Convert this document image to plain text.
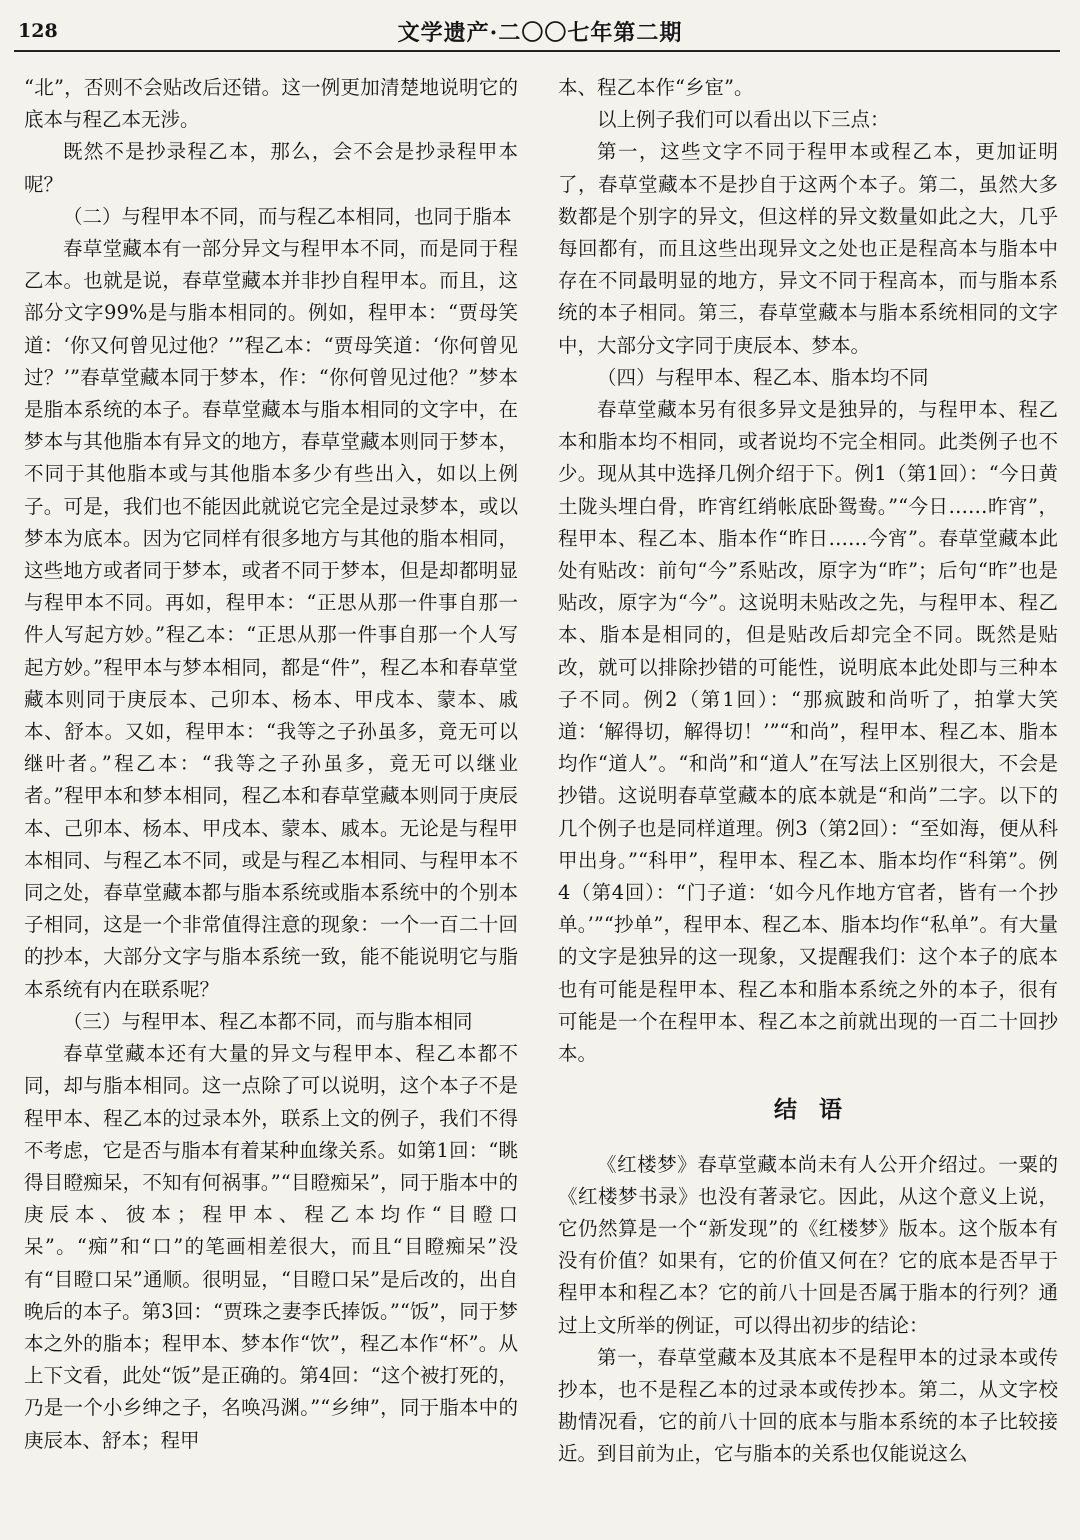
128	文学遗产·二〇〇七年第二期

“北”，否则不会贴改后还错。这一例更加清楚地说明它的底本与程乙本无涉。

既然不是抄录程乙本，那么，会不会是抄录程甲本呢？

（二）与程甲本不同，而与程乙本相同，也同于脂本

春草堂藏本有一部分异文与程甲本不同，而是同于程乙本。也就是说，春草堂藏本并非抄自程甲本。而且，这部分文字99%是与脂本相同的。例如，程甲本：“贾母笑道：‘你又何曾见过他？’”程乙本：“贾母笑道：‘你何曾见过？’”春草堂藏本同于梦本，作：“你何曾见过他？”梦本是脂本系统的本子。春草堂藏本与脂本相同的文字中，在梦本与其他脂本有异文的地方，春草堂藏本则同于梦本，不同于其他脂本或与其他脂本多少有些出入，如以上例子。可是，我们也不能因此就说它完全是过录梦本，或以梦本为底本。因为它同样有很多地方与其他的脂本相同，这些地方或者同于梦本，或者不同于梦本，但是却都明显与程甲本不同。再如，程甲本：“正思从那一件事自那一件人写起方妙。”程乙本：“正思从那一件事自那一个人写起方妙。”程甲本与梦本相同，都是“件”，程乙本和春草堂藏本则同于庚辰本、己卯本、杨本、甲戌本、蒙本、戚本、舒本。又如，程甲本：“我等之子孙虽多，竟无可以继叶者。”程乙本：“我等之子孙虽多，竟无可以继业者。”程甲本和梦本相同，程乙本和春草堂藏本则同于庚辰本、己卯本、杨本、甲戌本、蒙本、戚本。无论是与程甲本相同、与程乙本不同，或是与程乙本相同、与程甲本不同之处，春草堂藏本都与脂本系统或脂本系统中的个别本子相同，这是一个非常值得注意的现象：一个一百二十回的抄本，大部分文字与脂本系统一致，能不能说明它与脂本系统有内在联系呢？

（三）与程甲本、程乙本都不同，而与脂本相同

春草堂藏本还有大量的异文与程甲本、程乙本都不同，却与脂本相同。这一点除了可以说明，这个本子不是程甲本、程乙本的过录本外，联系上文的例子，我们不得不考虑，它是否与脂本有着某种血缘关系。如第1回：“眺得目瞪痴呆，不知有何祸事。”“目瞪痴呆”，同于脂本中的庚辰本、彼本；程甲本、程乙本均作“目瞪口呆”。“痴”和“口”的笔画相差很大，而且“目瞪痴呆”没有“目瞪口呆”通顺。很明显，“目瞪口呆”是后改的，出自晚后的本子。第3回：“贾珠之妻李氏捧饭。”“饭”，同于梦本之外的脂本；程甲本、梦本作“饮”，程乙本作“杯”。从上下文看，此处“饭”是正确的。第4回：“这个被打死的，乃是一个小乡绅之子，名唤冯渊。”“乡绅”，同于脂本中的庚辰本、舒本；程甲

本、程乙本作“乡宦”。

以上例子我们可以看出以下三点：

第一，这些文字不同于程甲本或程乙本，更加证明了，春草堂藏本不是抄自于这两个本子。第二，虽然大多数都是个别字的异文，但这样的异文数量如此之大，几乎每回都有，而且这些出现异文之处也正是程高本与脂本中存在不同最明显的地方，异文不同于程高本，而与脂本系统的本子相同。第三，春草堂藏本与脂本系统相同的文字中，大部分文字同于庚辰本、梦本。

（四）与程甲本、程乙本、脂本均不同

春草堂藏本另有很多异文是独异的，与程甲本、程乙本和脂本均不相同，或者说均不完全相同。此类例子也不少。现从其中选择几例介绍于下。例1（第1回）：“今日黄土陇头埋白骨，昨宵红绡帐底卧鸳鸯。”“今日……昨宵”，程甲本、程乙本、脂本作“昨日……今宵”。春草堂藏本此处有贴改：前句“今”系贴改，原字为“昨”；后句“昨”也是贴改，原字为“今”。这说明未贴改之先，与程甲本、程乙本、脂本是相同的，但是贴改后却完全不同。既然是贴改，就可以排除抄错的可能性，说明底本此处即与三种本子不同。例2（第1回）：“那疯跛和尚听了，拍掌大笑道：‘解得切，解得切！’”“和尚”，程甲本、程乙本、脂本均作“道人”。“和尚”和“道人”在写法上区别很大，不会是抄错。这说明春草堂藏本的底本就是“和尚”二字。以下的几个例子也是同样道理。例3（第2回）：“至如海，便从科甲出身。”“科甲”，程甲本、程乙本、脂本均作“科第”。例4（第4回）：“门子道：‘如今凡作地方官者，皆有一个抄单。’”“抄单”，程甲本、程乙本、脂本均作“私单”。有大量的文字是独异的这一现象，又提醒我们：这个本子的底本也有可能是程甲本、程乙本和脂本系统之外的本子，很有可能是一个在程甲本、程乙本之前就出现的一百二十回抄本。

结语

《红楼梦》春草堂藏本尚未有人公开介绍过。一粟的《红楼梦书录》也没有著录它。因此，从这个意义上说，它仍然算是一个“新发现”的《红楼梦》版本。这个版本有没有价值？如果有，它的价值又何在？它的底本是否早于程甲本和程乙本？它的前八十回是否属于脂本的行列？通过上文所举的例证，可以得出初步的结论：

第一，春草堂藏本及其底本不是程甲本的过录本或传抄本，也不是程乙本的过录本或传抄本。第二，从文字校勘情况看，它的前八十回的底本与脂本系统的本子比较接近。到目前为止，它与脂本的关系也仅能说这么
